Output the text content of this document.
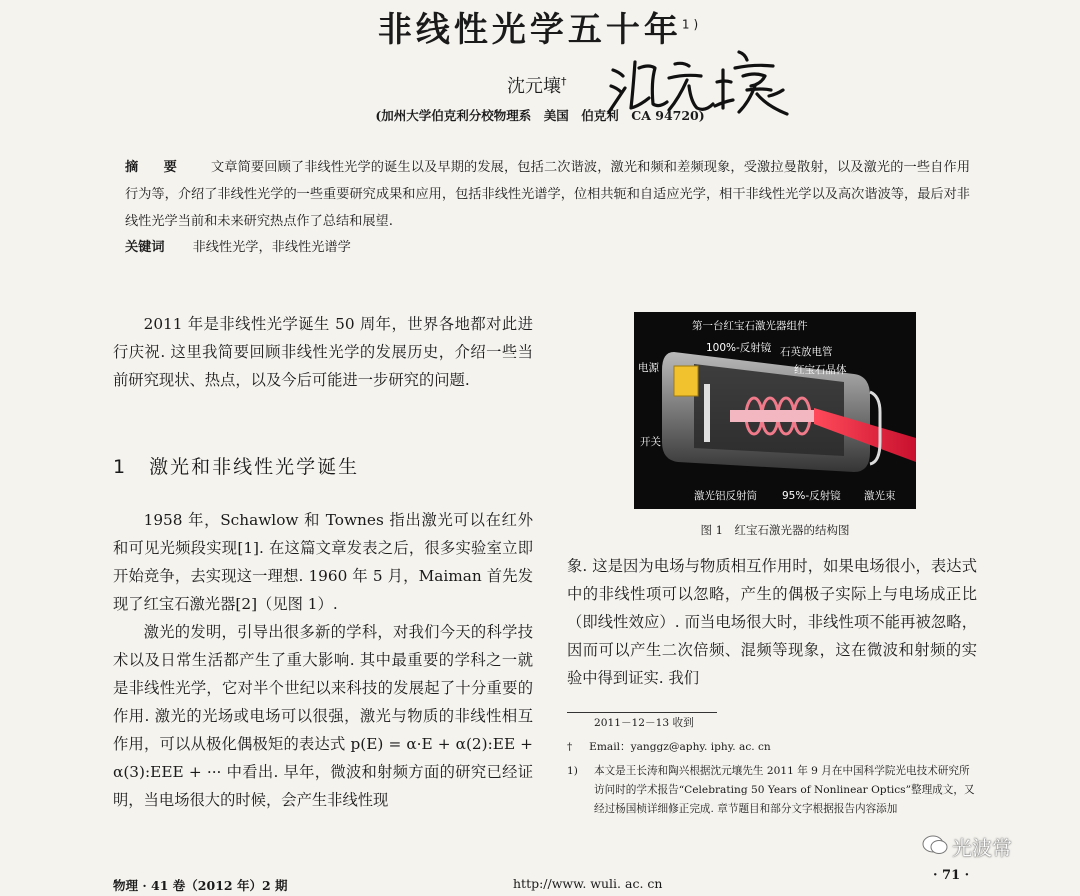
非线性光学五十年$^{1)}$
沈元壤†
(加州大学伯克利分校物理系　美国　伯克利　CA 94720)
摘　要 文章简要回顾了非线性光学的诞生以及早期的发展，包括二次谐波，激光和频和差频现象，受激拉曼散射，以及激光的一些自作用行为等，介绍了非线性光学的一些重要研究成果和应用，包括非线性光谱学，位相共轭和自适应光学，相干非线性光学以及高次谐波等，最后对非线性光学当前和未来研究热点作了总结和展望.
关键词 非线性光学，非线性光谱学

2011 年是非线性光学诞生 50 周年，世界各地都对此进行庆祝. 这里我简要回顾非线性光学的发展历史，介绍一些当前研究现状、热点，以及今后可能进一步研究的问题.

1 激光和非线性光学诞生

1958 年，Schawlow 和 Townes 指出激光可以在红外和可见光频段实现[1]. 在这篇文章发表之后，很多实验室立即开始竞争，去实现这一理想. 1960 年 5 月，Maiman 首先发现了红宝石激光器[2]（见图 1）.

激光的发明，引导出很多新的学科，对我们今天的科学技术以及日常生活都产生了重大影响. 其中最重要的学科之一就是非线性光学，它对半个世纪以来科技的发展起了十分重要的作用. 激光的光场或电场可以很强，激光与物质的非线性相互作用，可以从极化偶极矩的表达式 p(E) = α·E + α(2):EE + α(3):EEE + ··· 中看出. 早年，微波和射频方面的研究已经证明，当电场很大的时候，会产生非线性现

第一台红宝石激光器组件
100%-反射镜 石英放电管
红宝石晶体
电源
开关
激光铝反射筒 95%-反射镜 激光束
图 1　红宝石激光器的结构图

象. 这是因为电场与物质相互作用时，如果电场很小，表达式中的非线性项可以忽略，产生的偶极子实际上与电场成正比（即线性效应）. 而当电场很大时，非线性项不能再被忽略，因而可以产生二次倍频、混频等现象，这在微波和射频的实验中得到证实. 我们

2011－12－13 收到
† Email：yanggz@aphy. iphy. ac. cn
1) 本文是王长涛和陶兴根据沈元壤先生 2011 年 9 月在中国科学院光电技术研究所访问时的学术报告“Celebrating 50 Years of Nonlinear Optics”整理成文，又经过杨国桢详细修正完成. 章节题目和部分文字根据报告内容添加
光波常
物理 · 41 卷（2012 年）2 期	http://www. wuli. ac. cn
· 71 ·
